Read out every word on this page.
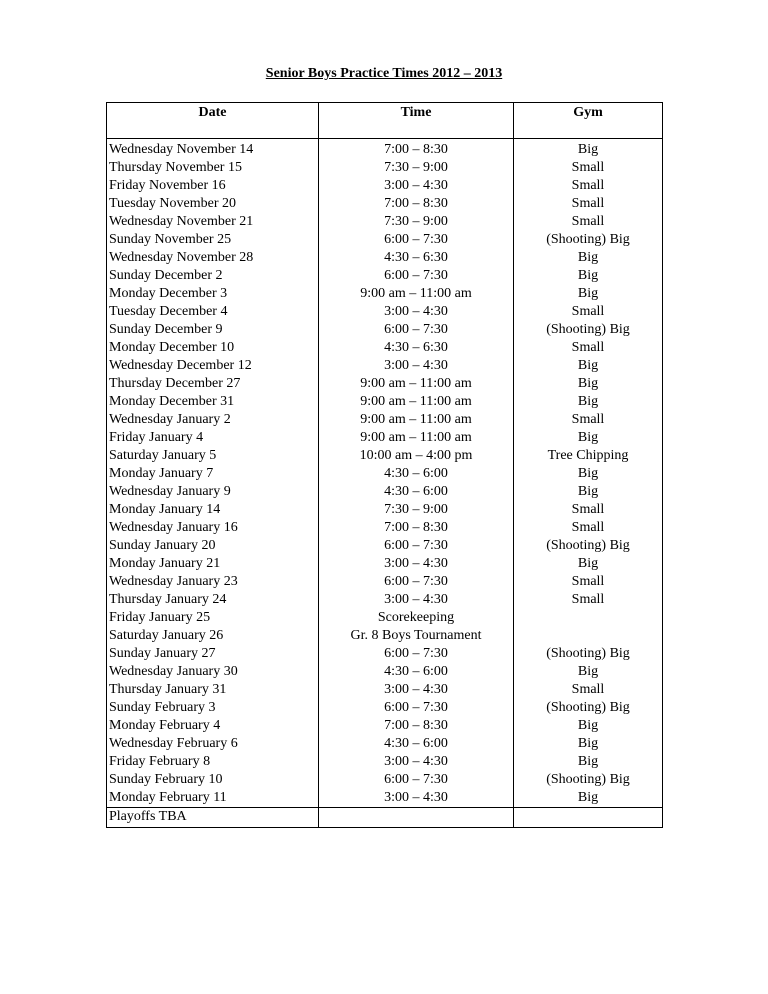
Senior Boys Practice Times 2012 – 2013
Date	Time	Gym
Wednesday November 14
Thursday November 15
Friday November 16
Tuesday November 20
Wednesday November 21
Sunday November 25
Wednesday November 28
Sunday December 2
Monday December 3
Tuesday December 4
Sunday December 9
Monday December 10
Wednesday December 12
Thursday December 27
Monday December 31
Wednesday January 2
Friday January 4
Saturday January 5
Monday January 7
Wednesday January 9
Monday January 14
Wednesday January 16
Sunday January 20
Monday January 21
Wednesday January 23
Thursday January 24
Friday January 25
Saturday January 26
Sunday January 27
Wednesday January 30
Thursday January 31
Sunday February 3
Monday February 4
Wednesday February 6
Friday February 8
Sunday February 10
Monday February 11
7:00 – 8:30
7:30 – 9:00
3:00 – 4:30
7:00 – 8:30
7:30 – 9:00
6:00 – 7:30
4:30 – 6:30
6:00 – 7:30
9:00 am – 11:00 am
3:00 – 4:30
6:00 – 7:30
4:30 – 6:30
3:00 – 4:30
9:00 am – 11:00 am
9:00 am – 11:00 am
9:00 am – 11:00 am
9:00 am – 11:00 am
10:00 am – 4:00 pm
4:30 – 6:00
4:30 – 6:00
7:30 – 9:00
7:00 – 8:30
6:00 – 7:30
3:00 – 4:30
6:00 – 7:30
3:00 – 4:30
Scorekeeping
Gr. 8 Boys Tournament
6:00 – 7:30
4:30 – 6:00
3:00 – 4:30
6:00 – 7:30
7:00 – 8:30
4:30 – 6:00
3:00 – 4:30
6:00 – 7:30
3:00 – 4:30
Big
Small
Small
Small
Small
(Shooting) Big
Big
Big
Big
Small
(Shooting) Big
Small
Big
Big
Big
Small
Big
Tree Chipping
Big
Big
Small
Small
(Shooting) Big
Big
Small
Small
(Shooting) Big
Big
Small
(Shooting) Big
Big
Big
Big
(Shooting) Big
Big
Playoffs TBA
